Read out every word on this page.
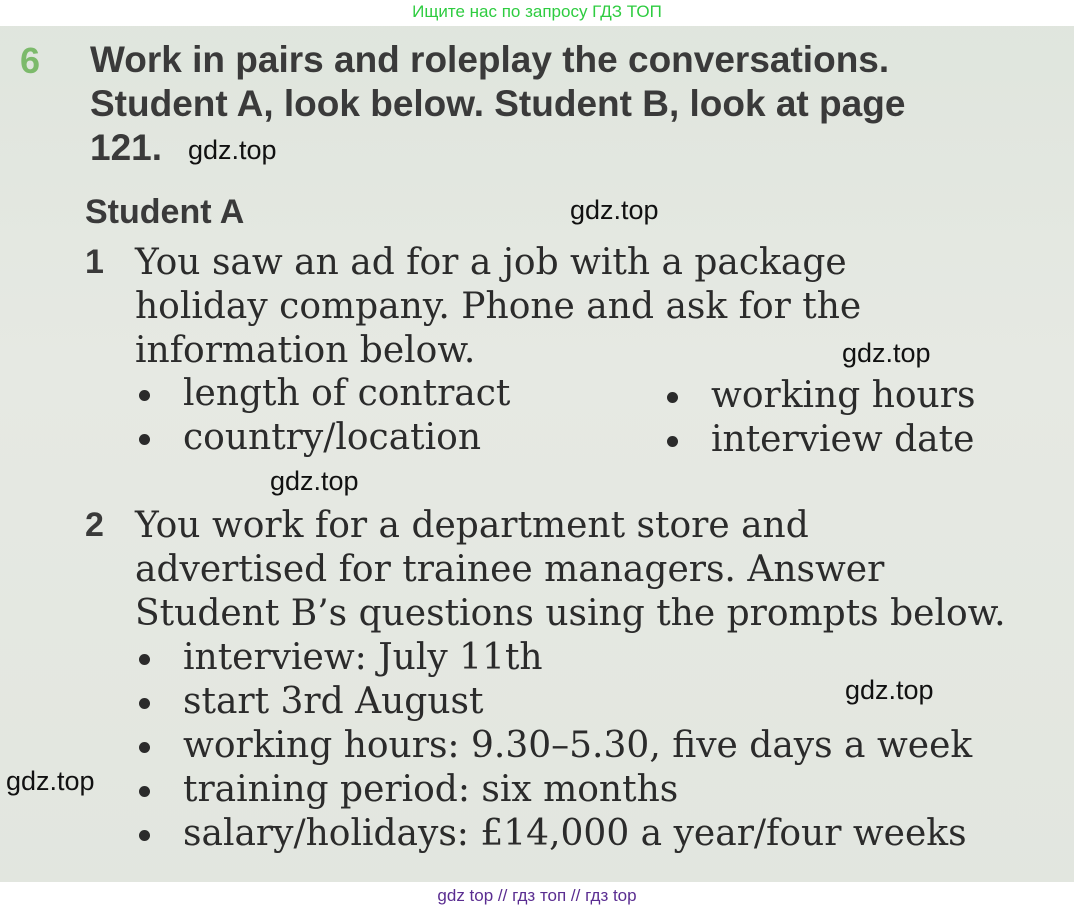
Ищите нас по запросу ГДЗ ТОП
6 Work in pairs and roleplay the conversations.
Student A, look below. Student B, look at page
121.
Student A
1 You saw an ad for a job with a package
holiday company. Phone and ask for the
information below.
length of contract
country/location
working hours
interview date
2 You work for a department store and
advertised for trainee managers. Answer
Student B’s questions using the prompts below.
interview: July 11th
start 3rd August
working hours: 9.30–5.30, five days a week
training period: six months
salary/holidays: £14,000 a year/four weeks
gdz.top
gdz.top
gdz.top
gdz.top
gdz.top
gdz.top
gdz top // гдз топ // гдз top
